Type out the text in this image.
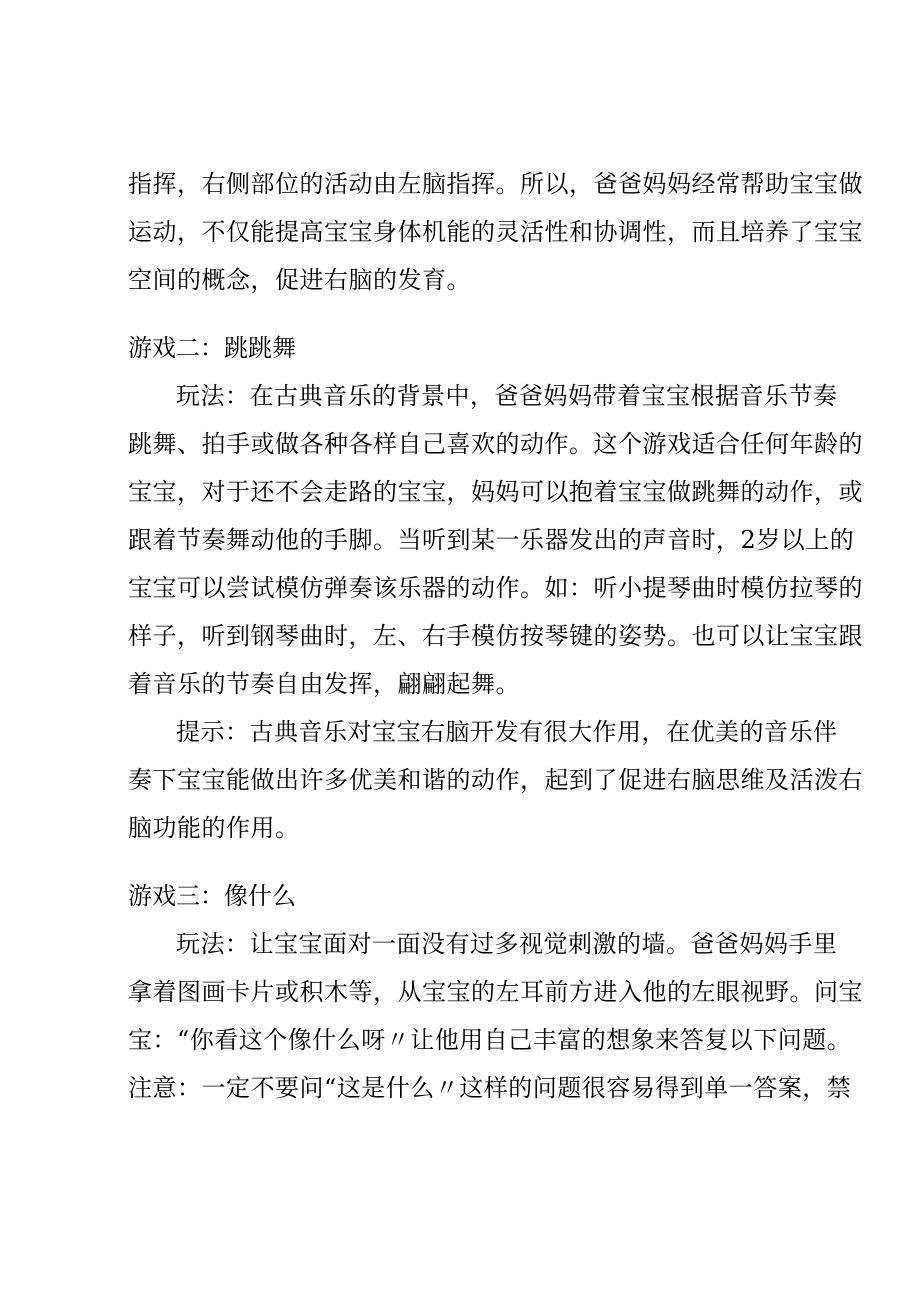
指挥，右侧部位的活动由左脑指挥。所以，爸爸妈妈经常帮助宝宝做
运动，不仅能提高宝宝身体机能的灵活性和协调性，而且培养了宝宝
空间的概念，促进右脑的发育。
游戏二：跳跳舞
玩法：在古典音乐的背景中，爸爸妈妈带着宝宝根据音乐节奏
跳舞、拍手或做各种各样自己喜欢的动作。这个游戏适合任何年龄的
宝宝，对于还不会走路的宝宝，妈妈可以抱着宝宝做跳舞的动作，或
跟着节奏舞动他的手脚。当听到某一乐器发出的声音时，2岁以上的
宝宝可以尝试模仿弹奏该乐器的动作。如：听小提琴曲时模仿拉琴的
样子，听到钢琴曲时，左、右手模仿按琴键的姿势。也可以让宝宝跟
着音乐的节奏自由发挥，翩翩起舞。
提示：古典音乐对宝宝右脑开发有很大作用，在优美的音乐伴
奏下宝宝能做出许多优美和谐的动作，起到了促进右脑思维及活泼右
脑功能的作用。
游戏三：像什么
玩法：让宝宝面对一面没有过多视觉刺激的墙。爸爸妈妈手里
拿着图画卡片或积木等，从宝宝的左耳前方进入他的左眼视野。问宝
宝：“你看这个像什么呀〃让他用自己丰富的想象来答复以下问题。
注意：一定不要问“这是什么〃这样的问题很容易得到单一答案，禁
